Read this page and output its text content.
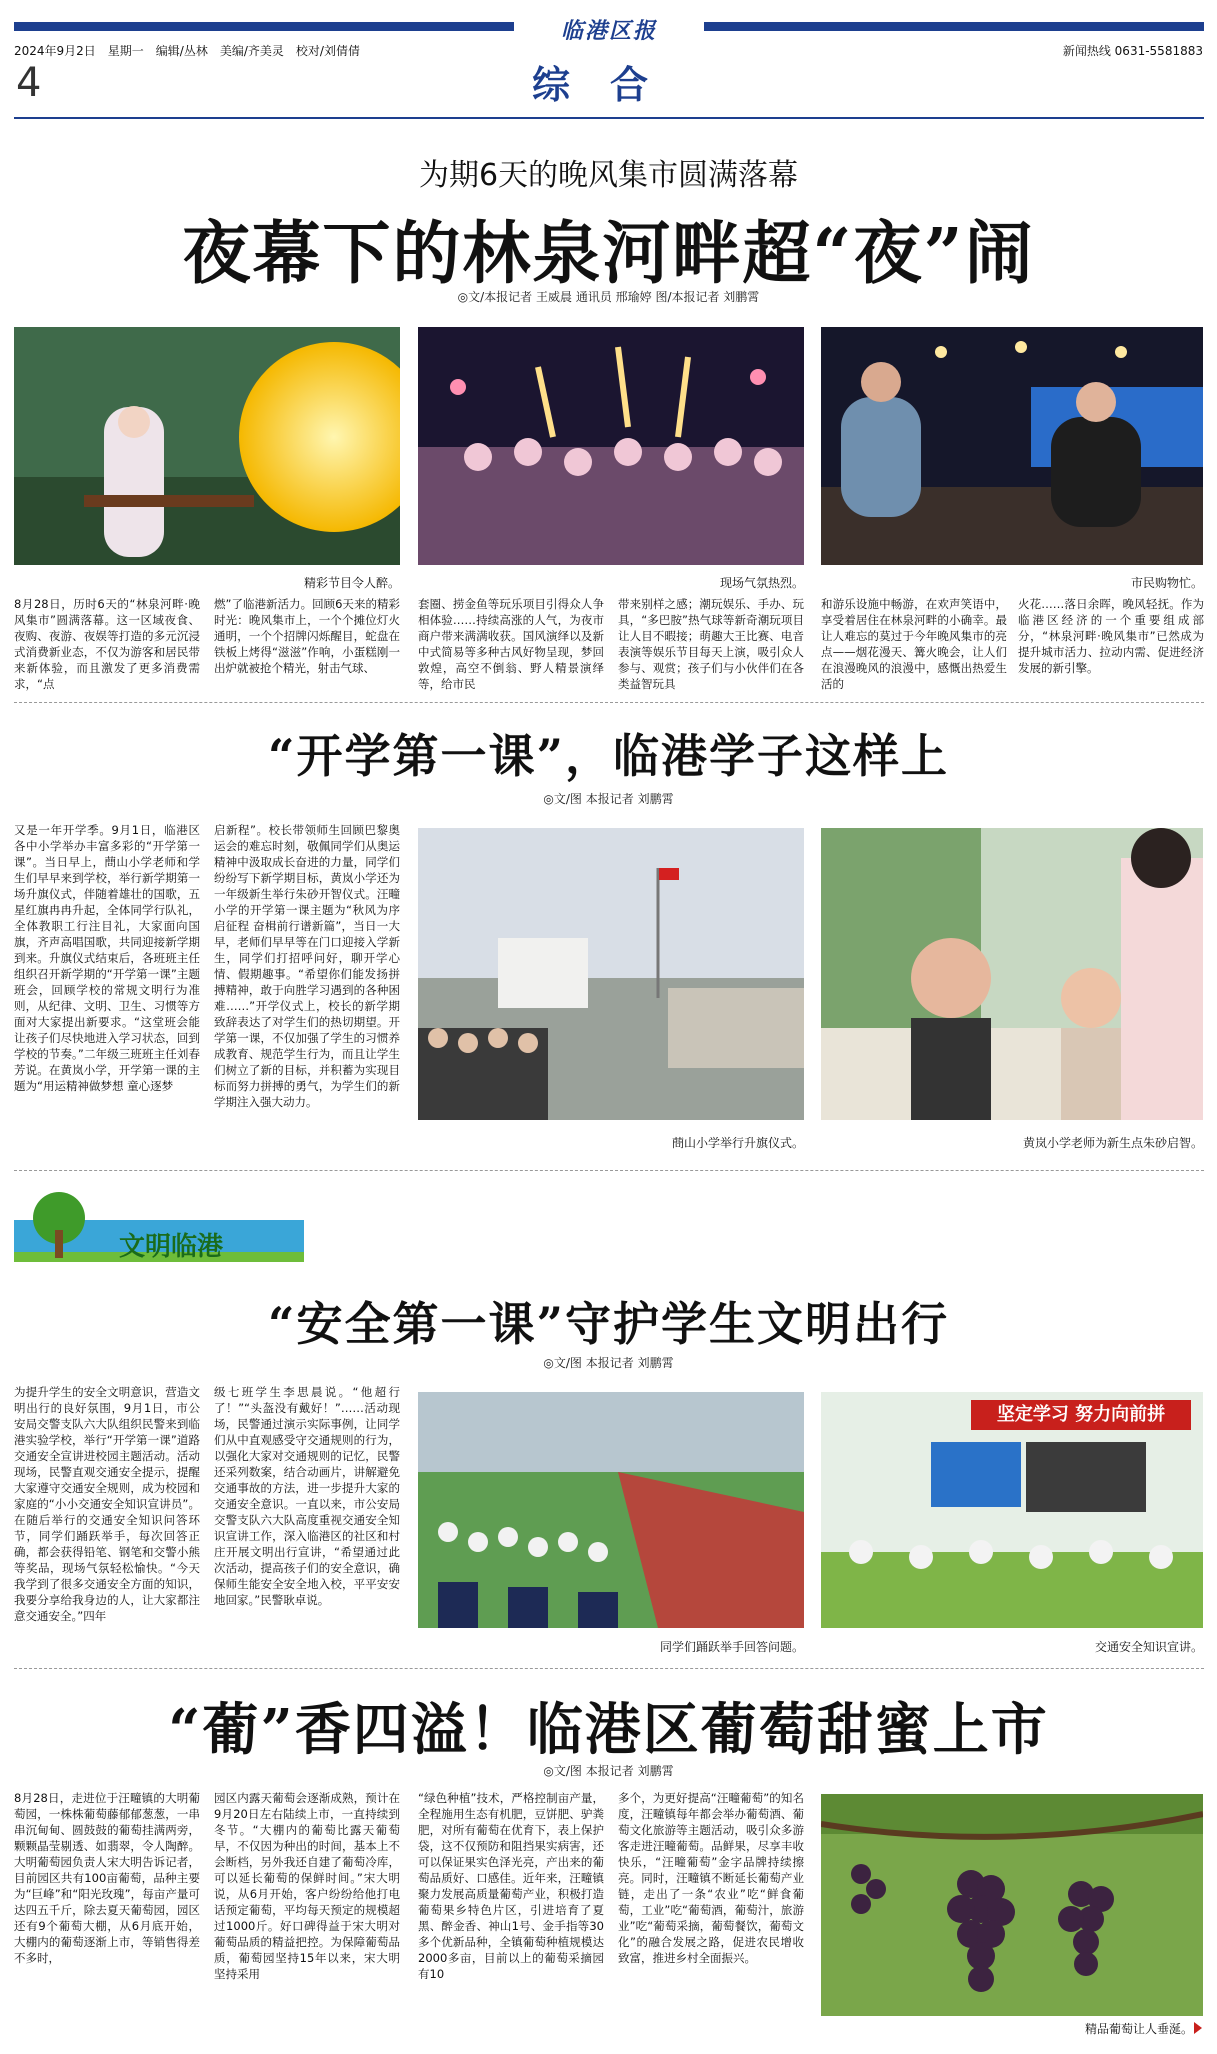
临港区报
2024年9月2日　星期一　编辑/丛林　美编/齐美灵　校对/刘倩倩	新闻热线 0631-5581883
4	综合
为期6天的晚风集市圆满落幕
夜幕下的林泉河畔超“夜”闹
◎文/本报记者 王威晨 通讯员 邢瑜婷 图/本报记者 刘鹏霄
精彩节目令人醉。	现场气氛热烈。	市民购物忙。
8月28日，历时6天的“林泉河畔·晚风集市”圆满落幕。这一区域夜食、夜购、夜游、夜娱等打造的多元沉浸式消费新业态，不仅为游客和居民带来新体验，而且激发了更多消费需求，“点
燃”了临港新活力。回顾6天来的精彩时光：晚风集市上，一个个摊位灯火通明，一个个招牌闪烁醒目，蛇盘在铁板上烤得“滋滋”作响，小蛋糕刚一出炉就被抢个精光，射击气球、
套圈、捞金鱼等玩乐项目引得众人争相体验……持续高涨的人气，为夜市商户带来满满收获。国风演绎以及新中式简易等多种古风好物呈现，梦回敦煌，高空不倒翁、野人精景演绎等，给市民
带来别样之感；潮玩娱乐、手办、玩具，“多巴胺”热气球等新奇潮玩项目让人目不暇接；萌趣大王比赛、电音表演等娱乐节目每天上演，吸引众人参与、观赏；孩子们与小伙伴们在各类益智玩具
和游乐设施中畅游，在欢声笑语中，享受着居住在林泉河畔的小确幸。最让人难忘的莫过于今年晚风集市的亮点——烟花漫天、篝火晚会，让人们在浪漫晚风的浪漫中，感慨出热爱生活的
火花……落日余晖，晚风轻抚。作为临港区经济的一个重要组成部分，“林泉河畔·晚风集市”已然成为提升城市活力、拉动内需、促进经济发展的新引擎。
“开学第一课”，临港学子这样上
◎文/图 本报记者 刘鹏霄
又是一年开学季。9月1日，临港区各中小学举办丰富多彩的“开学第一课”。当日早上，蔄山小学老师和学生们早早来到学校，举行新学期第一场升旗仪式，伴随着雄壮的国歌，五星红旗冉冉升起，全体同学行队礼，全体教职工行注目礼，大家面向国旗，齐声高唱国歌，共同迎接新学期到来。升旗仪式结束后，各班班主任组织召开新学期的“开学第一课”主题班会，回顾学校的常规文明行为准则，从纪律、文明、卫生、习惯等方面对大家提出新要求。“这堂班会能让孩子们尽快地进入学习状态，回到学校的节奏。”二年级三班班主任刘春芳说。在黄岚小学，开学第一课的主题为“用运精神做梦想 童心逐梦
启新程”。校长带领师生回顾巴黎奥运会的难忘时刻，敬佩同学们从奥运精神中汲取成长奋进的力量，同学们纷纷写下新学期目标，黄岚小学还为一年级新生举行朱砂开智仪式。汪疃小学的开学第一课主题为“秋风为序启征程 奋楫前行谱新篇”，当日一大早，老师们早早等在门口迎接入学新生，同学们打招呼问好，聊开学心情、假期趣事。“希望你们能发扬拼搏精神，敢于向胜学习遇到的各种困难……”开学仪式上，校长的新学期致辞表达了对学生们的热切期望。开学第一课，不仅加强了学生的习惯养成教育、规范学生行为，而且让学生们树立了新的目标，并积蓄为实现目标而努力拼搏的勇气，为学生们的新学期注入强大动力。
蔄山小学举行升旗仪式。	黄岚小学老师为新生点朱砂启智。
文明临港
“安全第一课”守护学生文明出行
◎文/图 本报记者 刘鹏霄
为提升学生的安全文明意识，营造文明出行的良好氛围，9月1日，市公安局交警支队六大队组织民警来到临港实验学校，举行“开学第一课”道路交通安全宣讲进校园主题活动。活动现场，民警直观交通安全提示，提醒大家遵守交通安全规则，成为校园和家庭的“小小交通安全知识宣讲员”。在随后举行的交通安全知识问答环节，同学们踊跃举手，每次回答正确，都会获得铅笔、钢笔和交警小熊等奖品，现场气氛轻松愉快。“今天我学到了很多交通安全方面的知识，我要分享给我身边的人，让大家都注意交通安全。”四年
级七班学生李思晨说。“他超行了！”“头盔没有戴好！”……活动现场，民警通过演示实际事例，让同学们从中直观感受守交通规则的行为，以强化大家对交通规则的记忆，民警还采列数案，结合动画片，讲解避免交通事故的方法，进一步提升大家的交通安全意识。一直以来，市公安局交警支队六大队高度重视交通安全知识宣讲工作，深入临港区的社区和村庄开展文明出行宣讲，“希望通过此次活动，提高孩子们的安全意识，确保师生能安全安全地入校，平平安安地回家。”民警耿卓说。
同学们踊跃举手回答问题。
坚定学习 努力向前拼
交通安全知识宣讲。
“葡”香四溢！临港区葡萄甜蜜上市
◎文/图 本报记者 刘鹏霄
8月28日，走进位于汪疃镇的大明葡萄园，一株株葡萄藤郁郁葱葱，一串串沉甸甸、圆鼓鼓的葡萄挂满两旁，颗颗晶莹剔透、如翡翠，令人陶醉。大明葡萄园负责人宋大明告诉记者，目前园区共有100亩葡萄，品种主要为“巨峰”和“阳光玫瑰”，每亩产量可达四五千斤，除去夏天葡萄园，园区还有9个葡萄大棚，从6月底开始，大棚内的葡萄逐渐上市，等销售得差不多时，
园区内露天葡萄会逐渐成熟，预计在9月20日左右陆续上市，一直持续到冬节。“大棚内的葡萄比露天葡萄早，不仅因为种出的时间，基本上不会断档，另外我还自建了葡萄冷库，可以延长葡萄的保鲜时间。”宋大明说，从6月开始，客户纷纷给他打电话预定葡萄，平均每天预定的规模超过1000斤。好口碑得益于宋大明对葡萄品质的精益把控。为保障葡萄品质，葡萄园坚持15年以来，宋大明坚持采用
“绿色种植”技术，严格控制亩产量，全程施用生态有机肥，豆饼肥、驴粪肥，对所有葡萄在优育下，表上保护袋，这不仅预防和阻挡果实病害，还可以保证果实色泽光亮，产出来的葡萄品质好、口感佳。近年来，汪疃镇聚力发展高质量葡萄产业，积极打造葡萄果乡特色片区，引进培育了夏黑、醉金香、神山1号、金手指等30多个优新品种，全镇葡萄种植规模达2000多亩，目前以上的葡萄采摘园有10
多个，为更好提高“汪疃葡萄”的知名度，汪疃镇每年都会举办葡萄酒、葡萄文化旅游等主题活动，吸引众多游客走进汪疃葡萄。品鲜果，尽享丰收快乐，“汪疃葡萄”金字品牌持续擦亮。同时，汪疃镇不断延长葡萄产业链，走出了一条“农业”吃“鲜食葡萄，工业”吃“葡萄酒，葡萄汁，旅游业”吃“葡萄采摘，葡萄餐饮，葡萄文化”的融合发展之路，促进农民增收致富，推进乡村全面振兴。
精品葡萄让人垂涎。
